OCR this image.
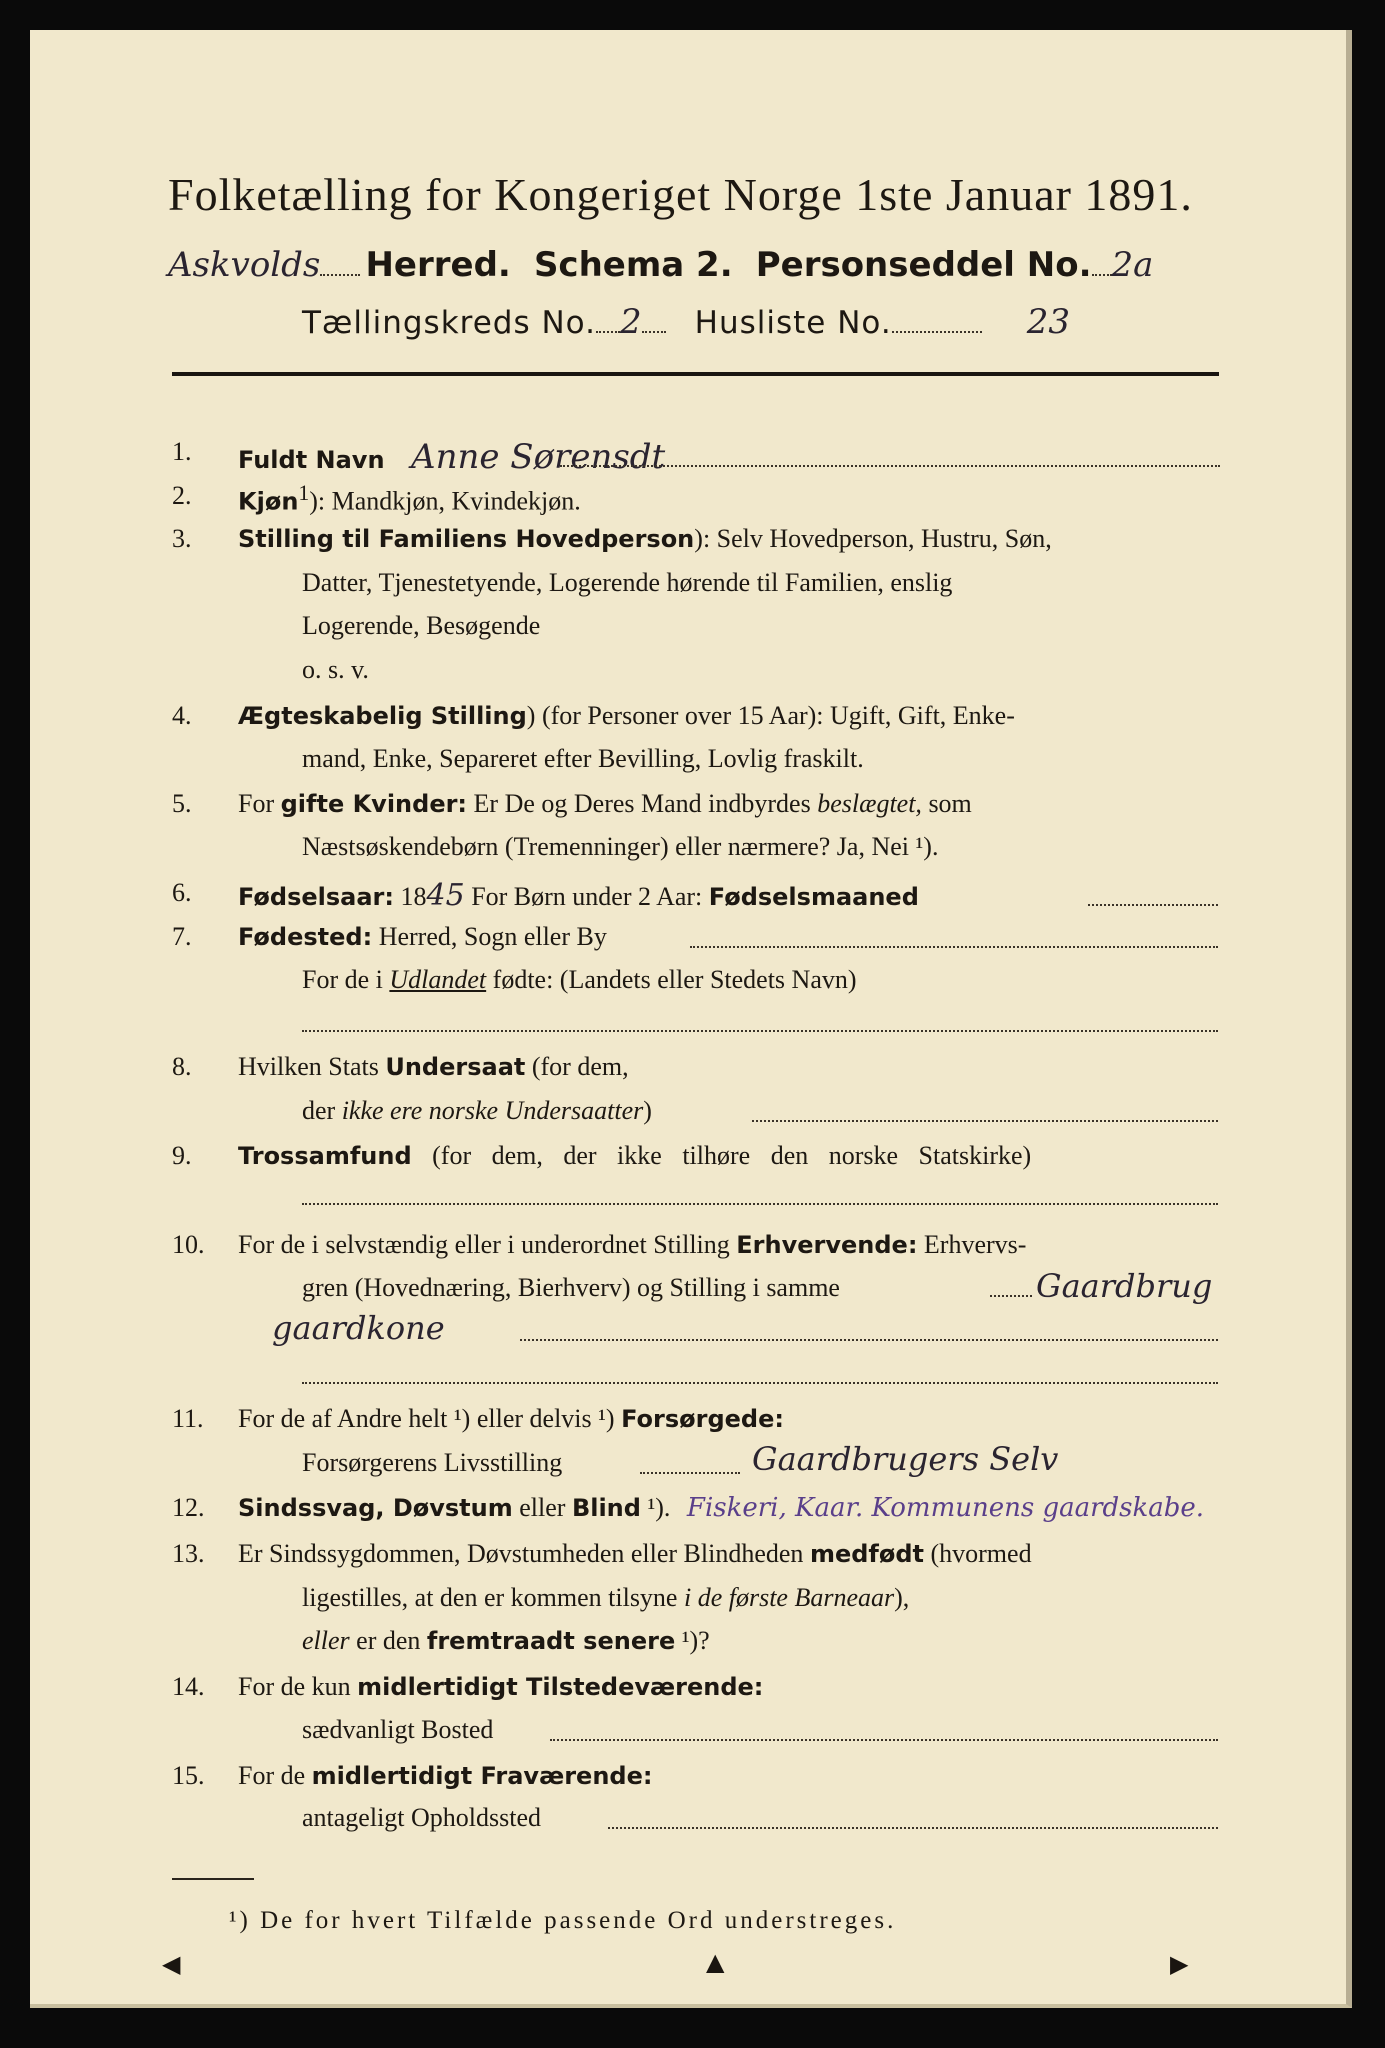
Folketælling for Kongeriget Norge 1ste Januar 1891.
Askvolds Herred. Schema 2. Personseddel No. 2a
Tællingskreds No. 2 Husliste No.	23
1. Fuldt Navn Anne Sørensdt
2. Kjøn$^1$): Mandkjøn, Kvindekjøn.
3. Stilling til Familiens Hovedperson): Selv Hovedperson, Hustru, Søn,
Datter, Tjenestetyende, Logerende hørende til Familien, enslig
Logerende, Besøgende
o. s. v.
4. Ægteskabelig Stilling) (for Personer over 15 Aar): Ugift, Gift, Enke-
mand, Enke, Separeret efter Bevilling, Lovlig fraskilt.
5. For gifte Kvinder: Er De og Deres Mand indbyrdes beslægtet, som
Næstsøskendebørn (Tremenninger) eller nærmere? Ja, Nei ¹).
6. Fødselsaar: 1845 For Børn under 2 Aar: Fødselsmaaned
7. Fødested: Herred, Sogn eller By
For de i Udlandet fødte: (Landets eller Stedets Navn)
8. Hvilken Stats Undersaat (for dem,
der ikke ere norske Undersaatter)
9. Trossamfund (for dem, der ikke tilhøre den norske Statskirke)
10. For de i selvstændig eller i underordnet Stilling Erhvervende: Erhvervs-
gren (Hovednæring, Bierhverv) og Stilling i samme	Gaardbrug
gaardkone
11. For de af Andre helt ¹) eller delvis ¹) Forsørgede:
Forsørgerens Livsstilling	Gaardbrugers Selv
12. Sindssvag, Døvstum eller Blind ¹). Fiskeri, Kaar. Kommunens gaardskabe.
13. Er Sindssygdommen, Døvstumheden eller Blindheden medfødt (hvormed
ligestilles, at den er kommen tilsyne i de første Barneaar),
eller er den fremtraadt senere ¹)?
14. For de kun midlertidigt Tilstedeværende:
sædvanligt Bosted
15. For de midlertidigt Fraværende:
antageligt Opholdssted
¹) De for hvert Tilfælde passende Ord understreges.
◀	▲	▶
